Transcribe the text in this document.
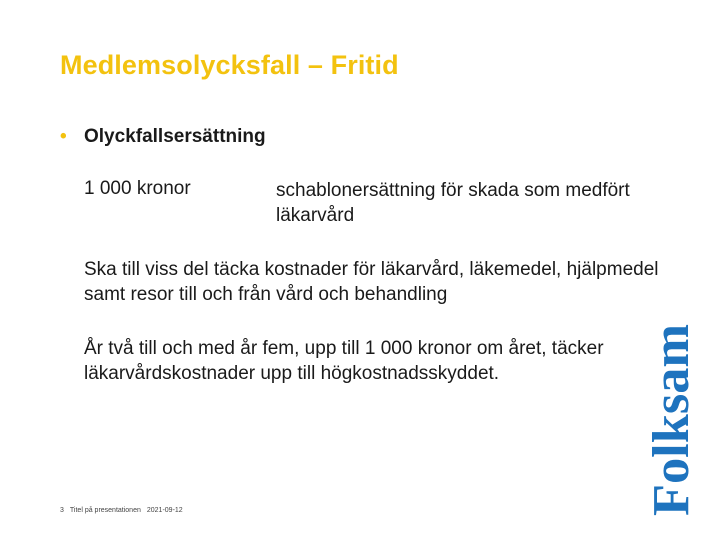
Medlemsolycksfall – Fritid
• Olyckfallsersättning
1 000 kronor	schablonersättning för skada som medfört läkarvård
Ska till viss del täcka kostnader för läkarvård, läkemedel, hjälpmedel samt resor till och från vård och behandling
År två till och med år fem, upp till 1 000 kronor om året, täcker läkarvårdskostnader upp till högkostnadsskyddet.
3 Titel på presentationen 2021-09-12	Folksam
